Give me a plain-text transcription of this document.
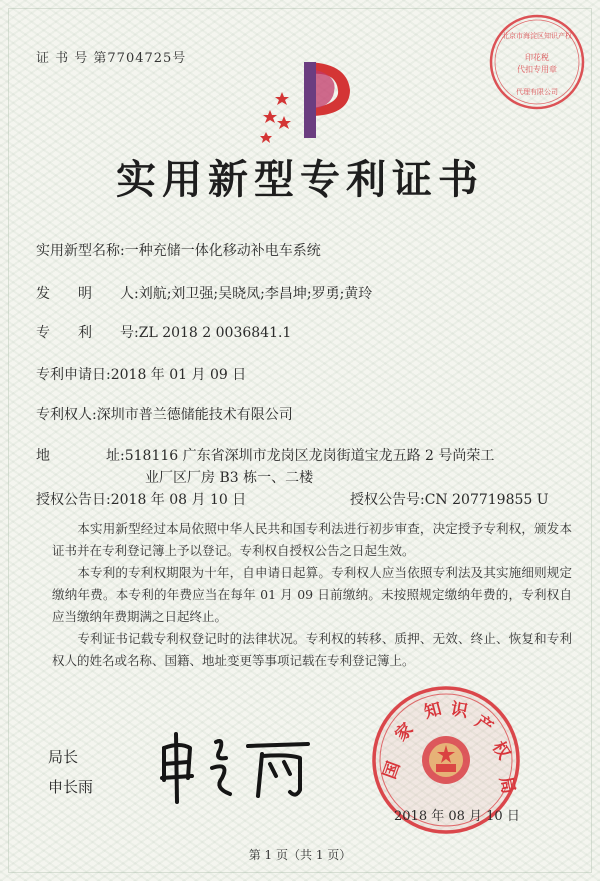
证 书 号 第7704725号
北京市海淀区知识产权
印花税
代扣专用章
代理有限公司
实用新型专利证书
实用新型名称:一种充储一体化移动补电车系统
发　　明　　人:刘航;刘卫强;吴晓凤;李昌坤;罗勇;黄玲
专　　利　　号:ZL 2018 2 0036841.1
专利申请日:2018 年 01 月 09 日
专利权人:深圳市普兰德储能技术有限公司
地　　　　址:518116 广东省深圳市龙岗区龙岗街道宝龙五路 2 号尚荣工
业厂区厂房 B3 栋一、二楼
授权公告日:2018 年 08 月 10 日	授权公告号:CN 207719855 U
　　本实用新型经过本局依照中华人民共和国专利法进行初步审查，决定授予专利权，颁发本证书并在专利登记簿上予以登记。专利权自授权公告之日起生效。
　　本专利的专利权期限为十年，自申请日起算。专利权人应当依照专利法及其实施细则规定缴纳年费。本专利的年费应当在每年 01 月 09 日前缴纳。未按照规定缴纳年费的，专利权自应当缴纳年费期满之日起终止。
　　专利证书记载专利权登记时的法律状况。专利权的转移、质押、无效、终止、恢复和专利权人的姓名或名称、国籍、地址变更等事项记载在专利登记簿上。
局长
申长雨
国
家
知 识
产
权
局
2018 年 08 月 10 日
第 1 页（共 1 页）
